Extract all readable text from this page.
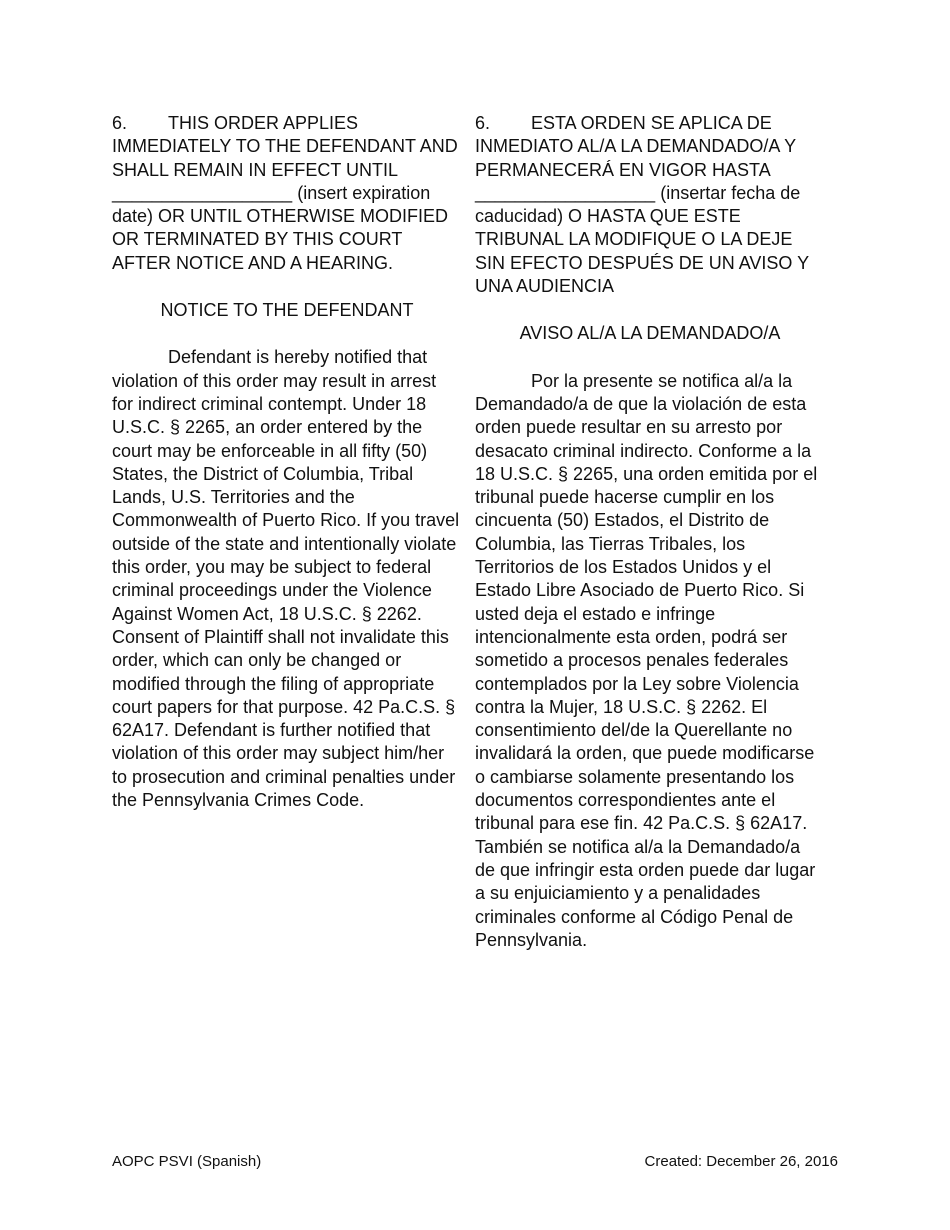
6. THIS ORDER APPLIES IMMEDIATELY TO THE DEFENDANT AND SHALL REMAIN IN EFFECT UNTIL __________________ (insert expiration date) OR UNTIL OTHERWISE MODIFIED OR TERMINATED BY THIS COURT AFTER NOTICE AND A HEARING.

NOTICE TO THE DEFENDANT

Defendant is hereby notified that violation of this order may result in arrest for indirect criminal contempt. Under 18 U.S.C. § 2265, an order entered by the court may be enforceable in all fifty (50) States, the District of Columbia, Tribal Lands, U.S. Territories and the Commonwealth of Puerto Rico. If you travel outside of the state and intentionally violate this order, you may be subject to federal criminal proceedings under the Violence Against Women Act, 18 U.S.C. § 2262. Consent of Plaintiff shall not invalidate this order, which can only be changed or modified through the filing of appropriate court papers for that purpose. 42 Pa.C.S. § 62A17. Defendant is further notified that violation of this order may subject him/her to prosecution and criminal penalties under the Pennsylvania Crimes Code.

6. ESTA ORDEN SE APLICA DE INMEDIATO AL/A LA DEMANDADO/A Y PERMANECERÁ EN VIGOR HASTA __________________ (insertar fecha de caducidad) O HASTA QUE ESTE TRIBUNAL LA MODIFIQUE O LA DEJE SIN EFECTO DESPUÉS DE UN AVISO Y UNA AUDIENCIA

AVISO AL/A LA DEMANDADO/A

Por la presente se notifica al/a la Demandado/a de que la violación de esta orden puede resultar en su arresto por desacato criminal indirecto. Conforme a la 18 U.S.C. § 2265, una orden emitida por el tribunal puede hacerse cumplir en los cincuenta (50) Estados, el Distrito de Columbia, las Tierras Tribales, los Territorios de los Estados Unidos y el Estado Libre Asociado de Puerto Rico. Si usted deja el estado e infringe intencionalmente esta orden, podrá ser sometido a procesos penales federales contemplados por la Ley sobre Violencia contra la Mujer, 18 U.S.C. § 2262. El consentimiento del/de la Querellante no invalidará la orden, que puede modificarse o cambiarse solamente presentando los documentos correspondientes ante el tribunal para ese fin. 42 Pa.C.S. § 62A17. También se notifica al/a la Demandado/a de que infringir esta orden puede dar lugar a su enjuiciamiento y a penalidades criminales conforme al Código Penal de Pennsylvania.

AOPC PSVI (Spanish)	Created: December 26, 2016
